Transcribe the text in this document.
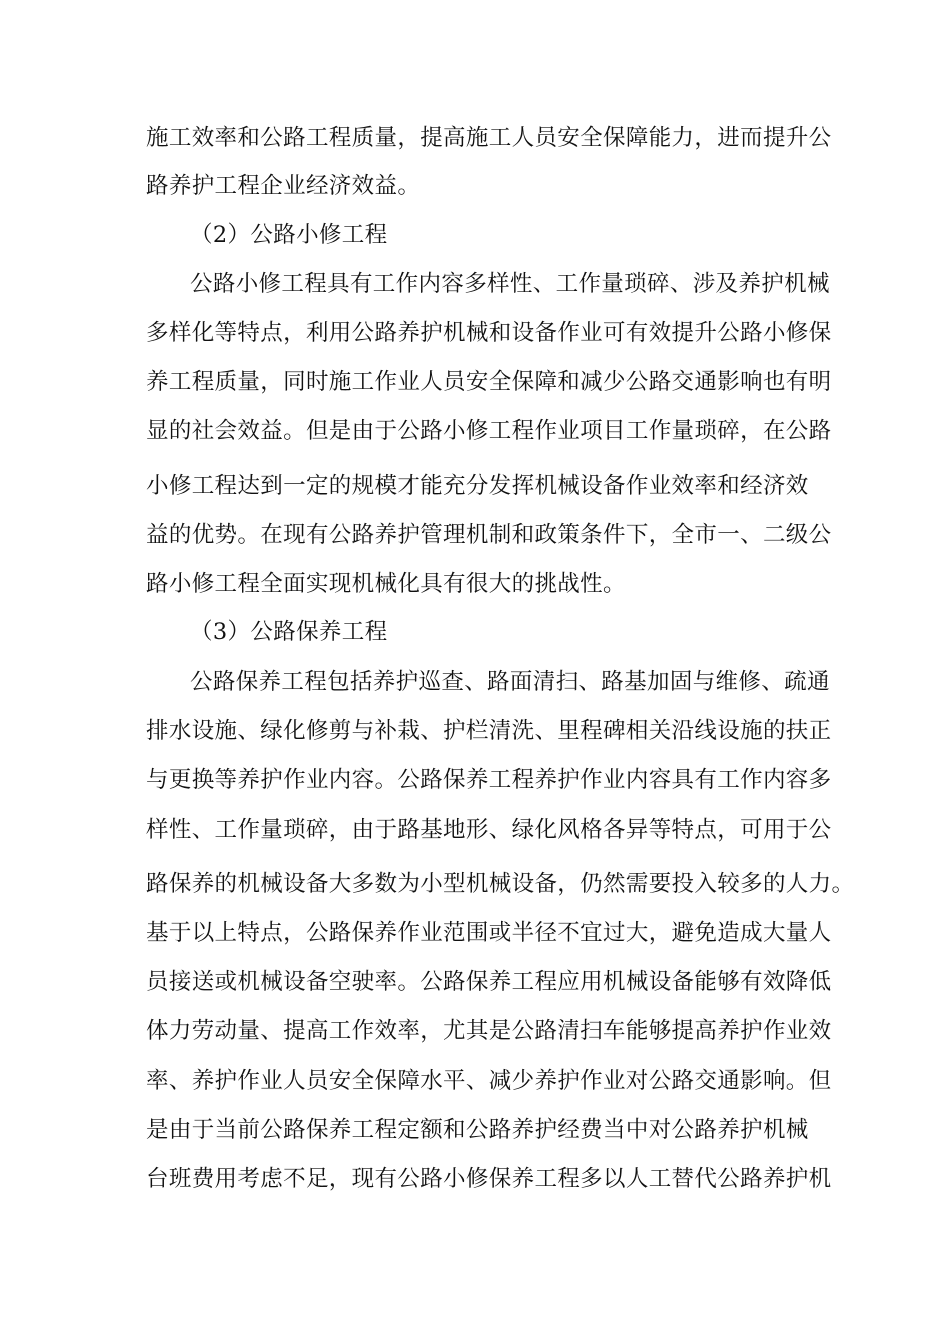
施工效率和公路工程质量，提高施工人员安全保障能力，进而提升公
路养护工程企业经济效益。
（2）公路小修工程
公路小修工程具有工作内容多样性、工作量琐碎、涉及养护机械
多样化等特点，利用公路养护机械和设备作业可有效提升公路小修保
养工程质量，同时施工作业人员安全保障和减少公路交通影响也有明
显的社会效益。但是由于公路小修工程作业项目工作量琐碎，在公路
小修工程达到一定的规模才能充分发挥机械设备作业效率和经济效
益的优势。在现有公路养护管理机制和政策条件下，全市一、二级公
路小修工程全面实现机械化具有很大的挑战性。
（3）公路保养工程
公路保养工程包括养护巡查、路面清扫、路基加固与维修、疏通
排水设施、绿化修剪与补栽、护栏清洗、里程碑相关沿线设施的扶正
与更换等养护作业内容。公路保养工程养护作业内容具有工作内容多
样性、工作量琐碎，由于路基地形、绿化风格各异等特点，可用于公
路保养的机械设备大多数为小型机械设备，仍然需要投入较多的人力。
基于以上特点，公路保养作业范围或半径不宜过大，避免造成大量人
员接送或机械设备空驶率。公路保养工程应用机械设备能够有效降低
体力劳动量、提高工作效率，尤其是公路清扫车能够提高养护作业效
率、养护作业人员安全保障水平、减少养护作业对公路交通影响。但
是由于当前公路保养工程定额和公路养护经费当中对公路养护机械
台班费用考虑不足，现有公路小修保养工程多以人工替代公路养护机
